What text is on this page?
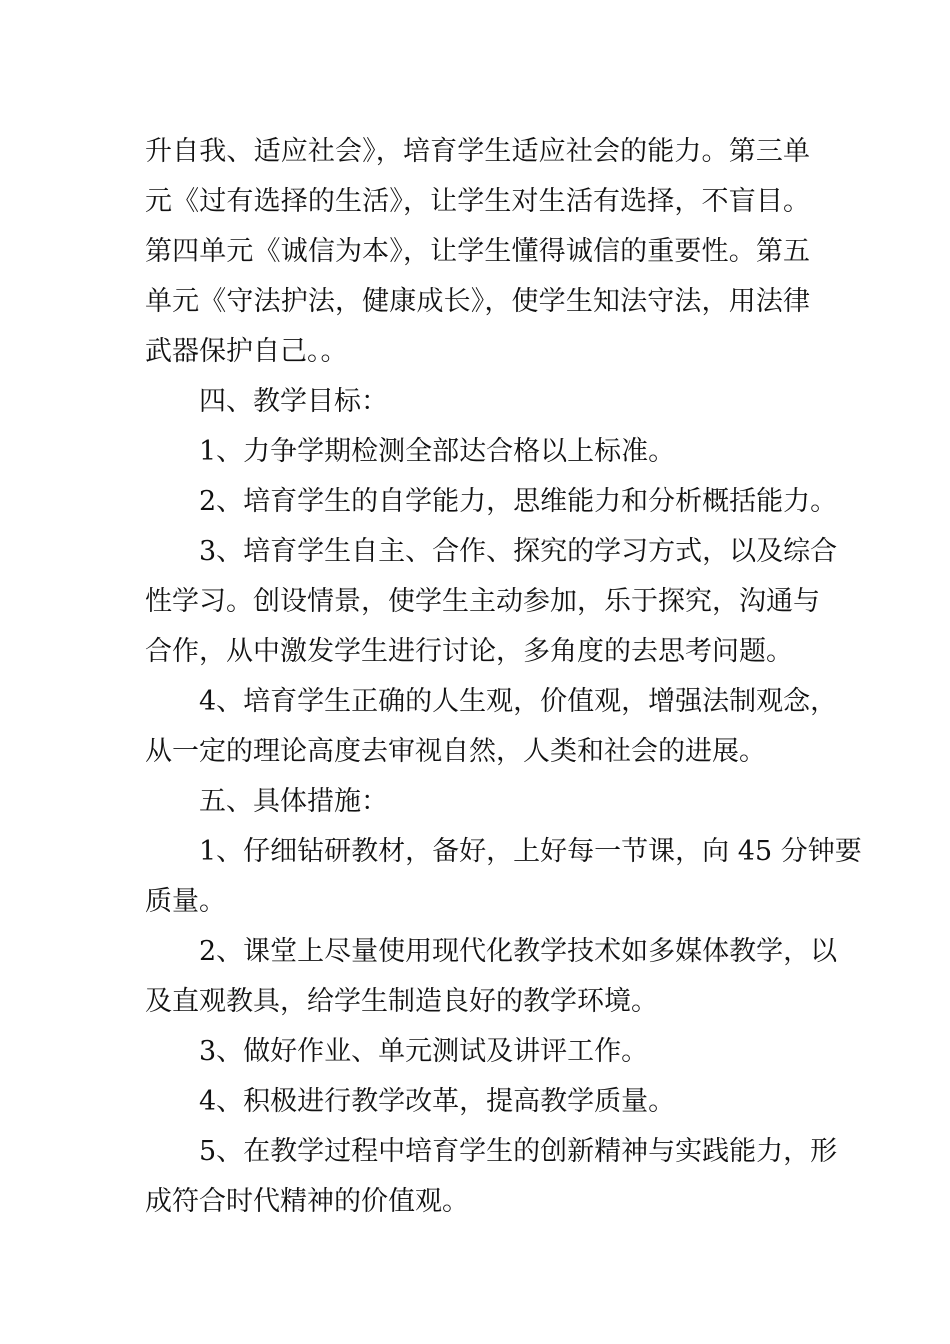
升自我、适应社会》，培育学生适应社会的能力。第三单
元《过有选择的生活》，让学生对生活有选择，不盲目。
第四单元《诚信为本》，让学生懂得诚信的重要性。第五
单元《守法护法，健康成长》，使学生知法守法，用法律
武器保护自己。。

四、教学目标：

1、力争学期检测全部达合格以上标准。

2、培育学生的自学能力，思维能力和分析概括能力。

3、培育学生自主、合作、探究的学习方式，以及综合
性学习。创设情景，使学生主动参加，乐于探究，沟通与
合作，从中激发学生进行讨论，多角度的去思考问题。

4、培育学生正确的人生观，价值观，增强法制观念，
从一定的理论高度去审视自然，人类和社会的进展。

五、具体措施：

1、仔细钻研教材，备好，上好每一节课，向 45 分钟要
质量。

2、课堂上尽量使用现代化教学技术如多媒体教学，以
及直观教具，给学生制造良好的教学环境。

3、做好作业、单元测试及讲评工作。

4、积极进行教学改革，提高教学质量。

5、在教学过程中培育学生的创新精神与实践能力，形
成符合时代精神的价值观。
